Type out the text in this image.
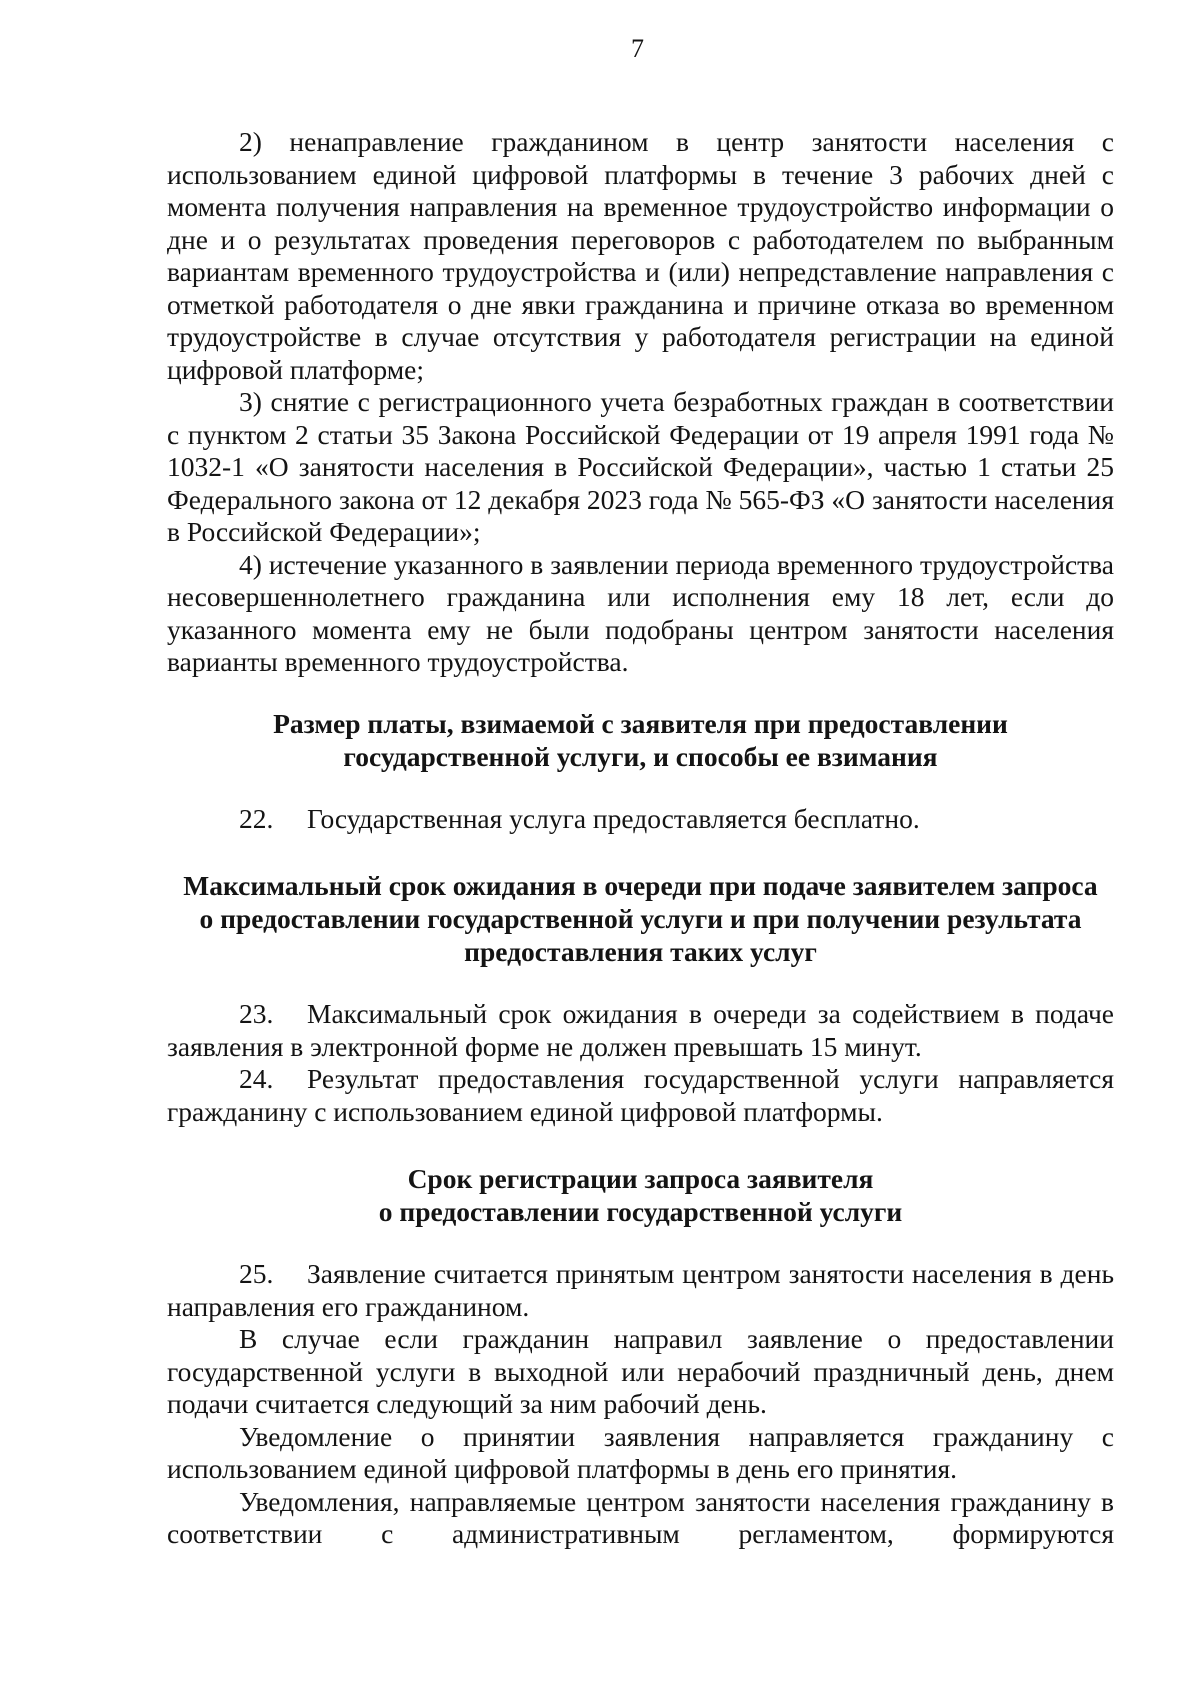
7

2) ненаправление гражданином в центр занятости населения с использованием единой цифровой платформы в течение 3 рабочих дней с момента получения направления на временное трудоустройство информации о дне и о результатах проведения переговоров с работодателем по выбранным вариантам временного трудоустройства и (или) непредставление направления с отметкой работодателя о дне явки гражданина и причине отказа во временном трудоустройстве в случае отсутствия у работодателя регистрации на единой цифровой платформе;

3) снятие с регистрационного учета безработных граждан в соответствии с пунктом 2 статьи 35 Закона Российской Федерации от 19 апреля 1991 года № 1032-1 «О занятости населения в Российской Федерации», частью 1 статьи 25 Федерального закона от 12 декабря 2023 года № 565-ФЗ «О занятости населения в Российской Федерации»;

4) истечение указанного в заявлении периода временного трудоустройства несовершеннолетнего гражданина или исполнения ему 18 лет, если до указанного момента ему не были подобраны центром занятости населения варианты временного трудоустройства.

Размер платы, взимаемой с заявителя при предоставлении
государственной услуги, и способы ее взимания

22. Государственная услуга предоставляется бесплатно.

Максимальный срок ожидания в очереди при подаче заявителем запроса
о предоставлении государственной услуги и при получении результата
предоставления таких услуг

23. Максимальный срок ожидания в очереди за содействием в подаче заявления в электронной форме не должен превышать 15 минут.

24. Результат предоставления государственной услуги направляется гражданину с использованием единой цифровой платформы.

Срок регистрации запроса заявителя
о предоставлении государственной услуги

25. Заявление считается принятым центром занятости населения в день направления его гражданином.

В случае если гражданин направил заявление о предоставлении государственной услуги в выходной или нерабочий праздничный день, днем подачи считается следующий за ним рабочий день.

Уведомление о принятии заявления направляется гражданину с использованием единой цифровой платформы в день его принятия.

Уведомления, направляемые центром занятости населения гражданину в соответствии с административным регламентом, формируются
